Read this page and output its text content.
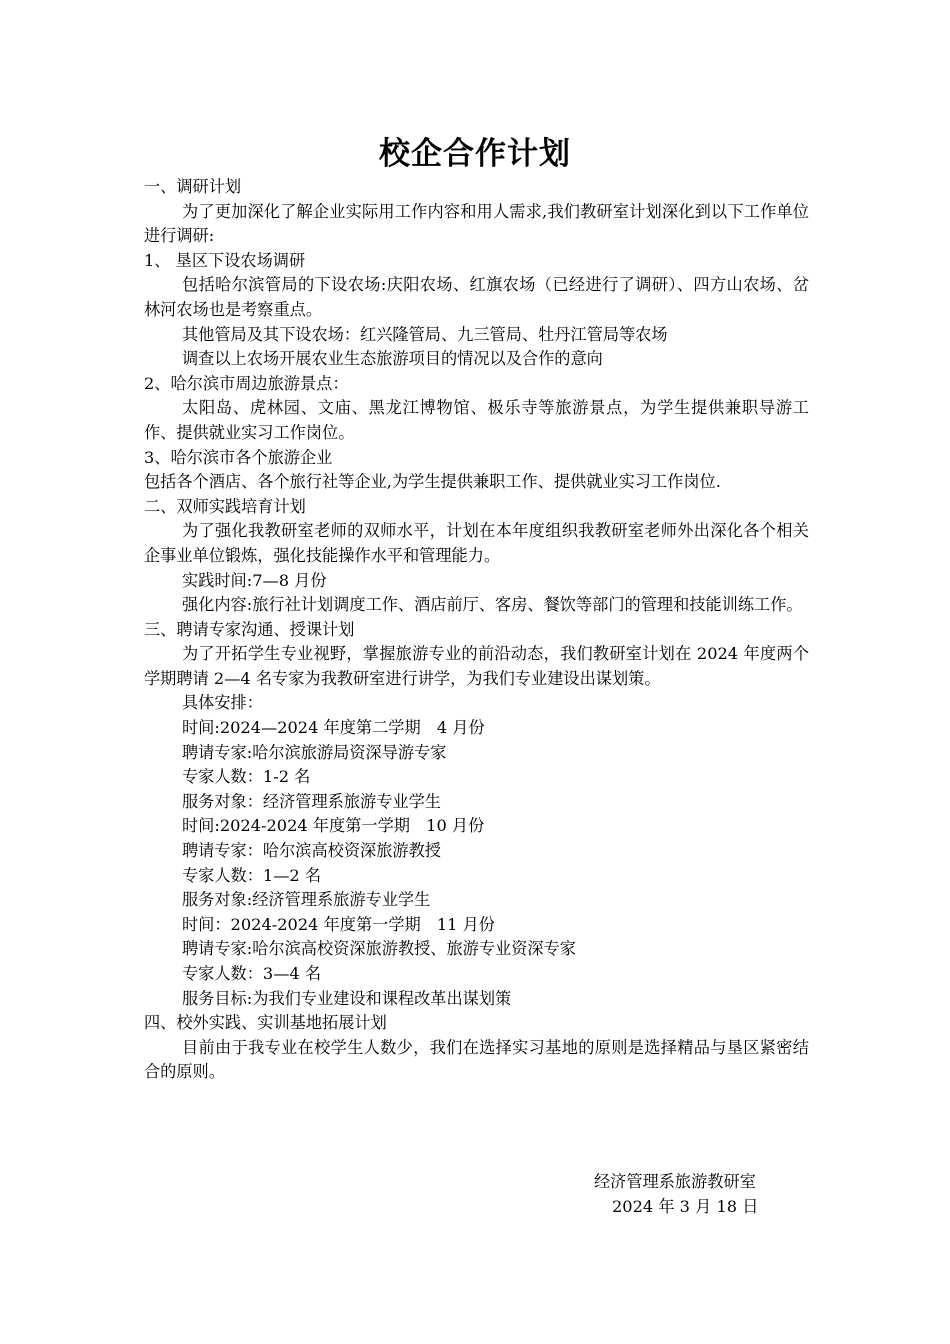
校企合作计划

一、调研计划

为了更加深化了解企业实际用工作内容和用人需求,我们教研室计划深化到以下工作单位进行调研:

1、 垦区下设农场调研

包括哈尔滨管局的下设农场:庆阳农场、红旗农场（已经进行了调研）、四方山农场、岔林河农场也是考察重点。

其他管局及其下设农场：红兴隆管局、九三管局、牡丹江管局等农场

调查以上农场开展农业生态旅游项目的情况以及合作的意向

2、哈尔滨市周边旅游景点：

太阳岛、虎林园、文庙、黑龙江博物馆、极乐寺等旅游景点，为学生提供兼职导游工作、提供就业实习工作岗位。

3、哈尔滨市各个旅游企业

包括各个酒店、各个旅行社等企业,为学生提供兼职工作、提供就业实习工作岗位.

二、双师实践培育计划

为了强化我教研室老师的双师水平，计划在本年度组织我教研室老师外出深化各个相关企事业单位锻炼，强化技能操作水平和管理能力。

实践时间:7—8 月份

强化内容:旅行社计划调度工作、酒店前厅、客房、餐饮等部门的管理和技能训练工作。

三、聘请专家沟通、授课计划

为了开拓学生专业视野，掌握旅游专业的前沿动态，我们教研室计划在 2024 年度两个学期聘请 2—4 名专家为我教研室进行讲学，为我们专业建设出谋划策。

具体安排：

时间:2024—2024 年度第二学期　4 月份

聘请专家:哈尔滨旅游局资深导游专家

专家人数：1-2 名

服务对象：经济管理系旅游专业学生

时间:2024-2024 年度第一学期　10 月份

聘请专家：哈尔滨高校资深旅游教授

专家人数：1—2 名

服务对象:经济管理系旅游专业学生

时间：2024-2024 年度第一学期　11 月份

聘请专家:哈尔滨高校资深旅游教授、旅游专业资深专家

专家人数：3—4 名

服务目标:为我们专业建设和课程改革出谋划策

四、校外实践、实训基地拓展计划

目前由于我专业在校学生人数少，我们在选择实习基地的原则是选择精品与垦区紧密结合的原则。

经济管理系旅游教研室
2024 年 3 月 18 日
